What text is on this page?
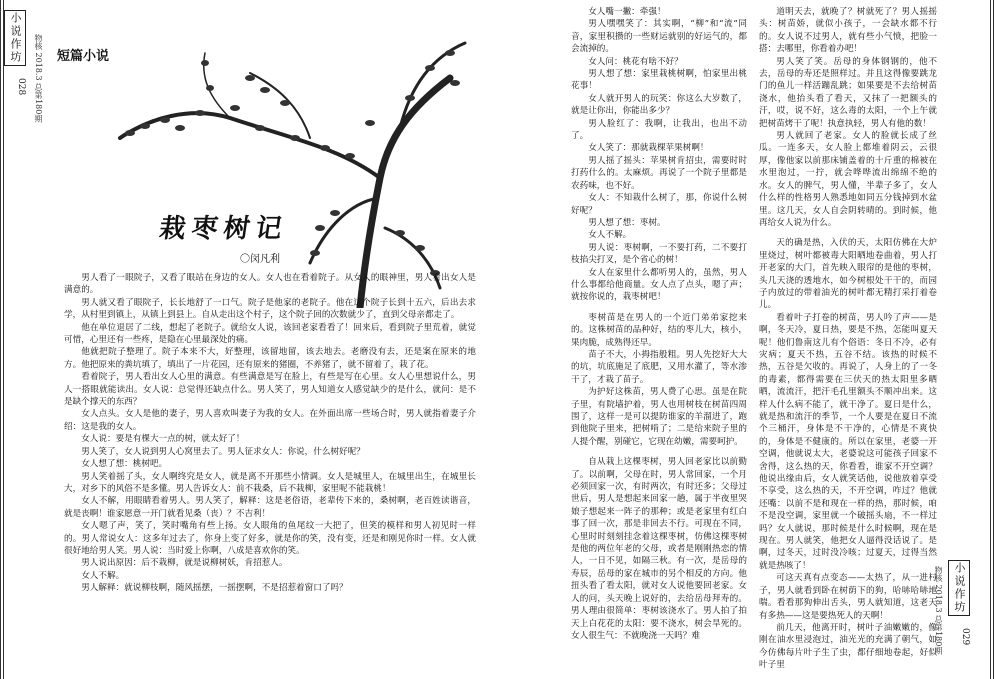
小说作坊	物核 2018.3 总第180期
028
短篇小说
栽枣树记
〇闵凡利

男人看了一眼院子，又看了眼站在身边的女人。女人也在看着院子。从女人的眼神里，男人看出女人是满意的。

男人就又看了眼院子，长长地舒了一口气。院子是他家的老院子。他在这个院子长到十五六，后出去求学，从村里到镇上，从镇上到县上。自从走出这个村子，这个院子回的次数就少了，直到父母亲都走了。

他在单位退居了二线，想起了老院子。就给女人说，该回老家看看了！回来后，看到院子里荒着，就觉可惜，心里还有一些疼，是隐在心里最深处的痛。

他就把院子整理了。院子本来不大，好整理，该留地留，该去地去。老磨没有去，还是案在原来的地方。他把原来的粪坑填了，填出了一片花园，还有原来的猪圈，不养猪了，就不留着了，栽了花。

看着院子，男人看出女人心里的满意。有些满意是写在脸上，有些是写在心里。女人心里想说什么，男人一搭眼就能读出。女人说：总觉得还缺点什么。男人笑了，男人知道女人感觉缺少的是什么，就问：是不是缺个撑天的东西？

女人点头。女人是他的妻子，男人喜欢叫妻子为我的女人。在外面出席一些场合时，男人就指着妻子介绍：这是我的女人。

女人说：要是有棵大一点的树，就太好了！

男人笑了，女人说到男人心窝里去了。男人征求女人：你说，什么树好呢？

女人想了想：桃树吧。

男人笑着摇了头，女人啊终究是女人，就是离不开那些小情调。女人是城里人，在城里出生，在城里长大，对乡下的风俗不是多懂。男人告诉女人：前不栽桑，后不栽柳，家里呢不能栽桃！

女人不解，用眼睛看着男人。男人笑了，解释：这是老俗语，老辈传下来的，桑树啊，老百姓读谐音，就是丧啊！谁家愿意一开门就看见桑（丧）？不吉利！

女人嗯了声，笑了，笑时嘴角有些上扬。女人眼角的鱼尾纹一大把了，但笑的模样和男人初见时一样的。男人常说女人：这多年过去了，你身上变了好多，就是你的笑，没有变，还是和刚见你时一样。女人就很好地给男人笑。男人说：当时爱上你啊，八成是喜欢你的笑。

男人说出原因：后不栽柳，就是说柳树妖，肯招惹人。

女人不解。

男人解释：就说柳枝啊，随风摇摆，一摇摆啊，不是招惹着窗口了吗？

女人嘴一撇：牵强！

男人嘿嘿笑了：其实啊，“柳”和“流”同音，家里积攒的一些财运就别的好运气的，都会流掉的。

女人问：桃花有啥不好？

男人想了想：家里栽桃树啊，怕家里出桃花事！

女人就开男人的玩笑：你这么大岁数了，就是让你出，你能出多少？

男人脸红了：我啊，让我出，也出不动了。

女人笑了：那就栽棵苹果树啊！

男人摇了摇头：苹果树肯招虫，需要时时打药什么的。太麻烦。再说了一个院子里都是农药味，也不好。

女人：不知栽什么树了，那，你说什么树好呢？

男人想了想：枣树。

女人不解。

男人说：枣树啊，一不要打药，二不要打枝掐尖打叉，是个省心的树！

女人在家里什么都听男人的，虽然，男人什么事都给他商量。女人点了点头，嗯了声；就按你说的，栽枣树吧！

枣树苗是在男人的一个近门弟弟家挖来的。这株树苗的品种好，结的枣儿大，核小，果肉脆，成熟得还早。

苗子不大，小拇指般粗。男人先挖好大大的坑，坑底施足了底肥，又用水灌了，等水渗干了，才栽了苗子。

为护好这株苗，男人费了心思。虽是在院子里，有院墙护着，男人也用树枝在树苗四周围了，这样一是可以提防谁家的羊溜进了，跑到他院子里来，把树啃了；二是给来院子里的人提个醒，别碰它，它现在幼嫩，需要呵护。

自从栽上这棵枣树，男人回老家比以前勤了。以前啊，父母在时，男人常回家，一个月必须回家一次，有时两次，有时还多；父母过世后，男人是想起来回家一趟，属于半夜里哭娘子想起来一阵子的那种；或是老家里有红白事了回一次，那是非回去不行。可现在不同，心里时时刻刻挂念着这棵枣树，仿佛这棵枣树是他的两位年老的父母，或者是刚刚热恋的情人，一日不见，如隔三秋。有一次，是岳母的寿辰，岳母的家在城市的另个相反的方向。他扭头看了看太阳，就对女人说他要回老家。女人的问，头天晚上说好的，去给岳母拜寿的。男人理由很简单：枣树该浇水了。男人拍了拍天上白花花的太阳：要不浇水，树会旱死的。女人很生气：不就晚浇一天吗？难

道明天去，就晚了？树就死了？男人摇摇头：树苗娇，就似小孩子，一会缺水都不行的。女人说不过男人，就有些小气愤，把脸一搭：去哪里，你看着办吧！

男人笑了笑。岳母的身体钢钢的，他不去，岳母的寿还是照样过。并且这得像要跳龙门的鱼儿一样活蹦乱跳；如果要是不去给树苗浇水，他抬头看了看天，又抹了一把额头的汗，哎，说不好，这么毒的太阳，一个上午就把树苗烤干了呢！执意执轻，男人有他的数！

男人就回了老家。女人的脸就长成了丝瓜。一连多天，女人脸上都堆着阴云，云很厚，像他家以前那床铺盖着的十斤重的棉被在水里泡过，一拧，就会哗哗流出绵绵不绝的水。女人的脾气，男人懂，半辈子多了，女人什么样的性格男人熟悉地如同五分钱掉到水盆里。这几天，女人自会阴转晴的。到时候，他再给女人说为什么。

天的确是热，入伏的天，太阳仿佛在大炉里烧过，树叶都被毒大阳晒地卷曲着，男人打开老家的大门，首先映入眼帘的是他的枣树，头几天浇的透地水，如今树根处干干的，而园子内放过的带着油光的树叶都无精打采打着卷儿。

看着叶子打卷的树苗，男人吟了声——是啊，冬天冷，夏日热，要是不热，怎能叫夏天呢！他们鲁南这儿有个俗语：冬日不冷，必有灾病；夏天不热，五谷不结。该热的时候不热，五谷是欠收的。再说了，人身上的了一冬的毒素，都得需要在三伏天的热太阳里多晒晒，流流汗，把汗毛孔里额头不顺冲出来。这样人什么病不能了，就干净了。夏日是什么，就是热和流汗的季节，一个人要是在夏日不流个三桶汗，身体是不干净的，心情是不爽快的，身体是不健康的。所以在家里，老婆一开空调，他就说太大，老婆说这可能孩子回家不舍得，这么热的天，你看看，谁家不开空调？他说出缘由后，女人就笑话他，说他放着享受不享受，这么热的天，不开空调，咋过？他就还嘴：以前不是和现在一样的热，那时候，咱不是没空调，家里就一个破摇头扇，不一样过吗？女人就说，那时候是什么时候啊，现在是现在。男人就笑，他把女人逼得没话说了。是啊，过冬天，过时没冷咳；过夏天，过得当然就是热咳了！

可这天真有点变态——太热了，从一进村子，男人就看到卧在树荫下的狗，哈哧哈哧地喘。看看那狗伸出舌头，男人就知道，这老天有多热——这是要热死人的天啊！

前几天，他离开时，树叶子油嫩嫩的，像刚在油水里浸泡过，油光光的充满了朝气，如今仿佛每片叶子生了虫，都仔细地卷起，好似叶子里

物核 2018.3 总第180期 小说作坊
029
